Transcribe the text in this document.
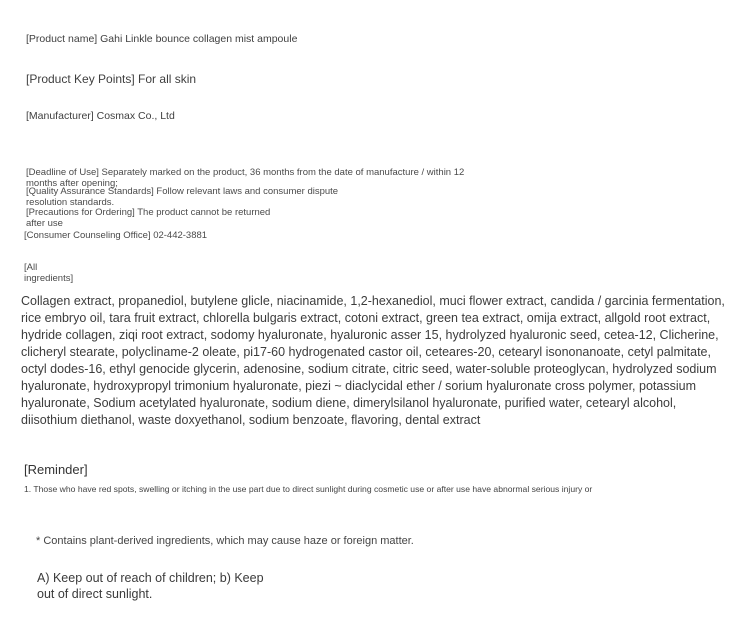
[Product name] Gahi Linkle bounce collagen mist ampoule
[Product Key Points] For all skin
[Manufacturer] Cosmax Co., Ltd
[Deadline of Use] Separately marked on the product, 36 months from the date of manufacture / within 12
months after opening;
[Quality Assurance Standards] Follow relevant laws and consumer dispute
resolution standards.
[Precautions for Ordering] The product cannot be returned
after use
[Consumer Counseling Office] 02-442-3881
[All
ingredients]
Collagen extract, propanediol, butylene glicle, niacinamide, 1,2-hexanediol, muci flower extract, candida / garcinia fermentation, rice embryo oil, tara fruit extract, chlorella bulgaris extract, cotoni extract, green tea extract, omija extract, allgold root extract, hydride collagen, ziqi root extract, sodomy hyaluronate, hyaluronic asser 15, hydrolyzed hyaluronic seed, cetea-12, Clicherine, clicheryl stearate, polycliname-2 oleate, pi17-60 hydrogenated castor oil, ceteares-20, cetearyl isononanoate, cetyl palmitate, octyl dodes-16, ethyl genocide glycerin, adenosine, sodium citrate, citric seed, water-soluble proteoglycan, hydrolyzed sodium hyaluronate, hydroxypropyl trimonium hyaluronate, piezi ~ diaclycidal ether / sorium hyaluronate cross polymer, potassium hyaluronate, Sodium acetylated hyaluronate, sodium diene, dimerylsilanol hyaluronate, purified water, cetearyl alcohol, diisothium diethanol, waste doxyethanol, sodium benzoate, flavoring, dental extract
[Reminder]
1. Those who have red spots, swelling or itching in the use part due to direct sunlight during cosmetic use or after use have abnormal serious injury or
* Contains plant-derived ingredients, which may cause haze or foreign matter.
A) Keep out of reach of children; b) Keep
out of direct sunlight.
